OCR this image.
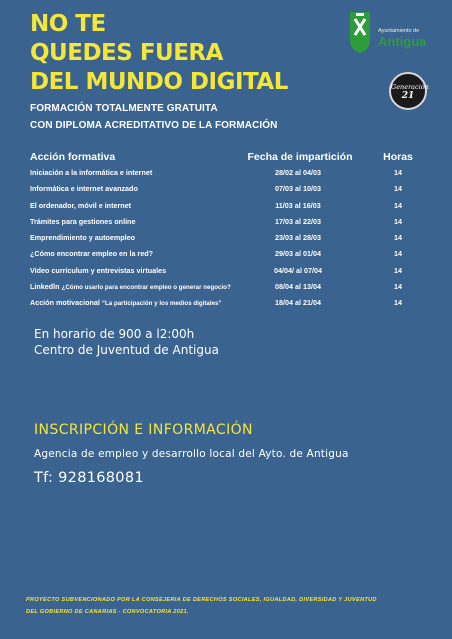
NO TE
QUEDES FUERA
DEL MUNDO DIGITAL
FORMACIÓN TOTALMENTE GRATUITA
CON DIPLOMA ACREDITATIVO DE LA FORMACIÓN
Ayuntamiento de
Antigua
Generación
21
Acción formativa	Fecha de impartición	Horas
Iniciación a la informática e internet	28/02 al 04/03	14
Informática e internet avanzado	07/03 al 10/03	14
El ordenador, móvil e internet	11/03 al 16/03	14
Trámites para gestiones online	17/03 al 22/03	14
Emprendimiento y autoempleo	23/03 al 28/03	14
¿Cómo encontrar empleo en la red?	29/03 al 01/04	14
Video currículum y entrevistas virtuales	04/04/ al 07/04	14
Linkedln ¿Cómo usarlo para encontrar empleo o generar negocio?	08/04 al 13/04	14
Acción motivacional “La participación y los medios digitales”	18/04 al 21/04	14
En horario de 900 a l2:00h
Centro de Juventud de Antigua
INSCRIPCIÓN E INFORMACIÓN
Agencia de empleo y desarrollo local del Ayto. de Antigua
Tf: 928168081
PROYECTO SUBVENCIONADO POR LA CONSEJERIA DE DERECHOS SOCIALES, IGUALDAD, DIVERSIDAD Y JUVENTUD
DEL GOBIERNO DE CANARIAS - CONVOCATORIA 2021.
